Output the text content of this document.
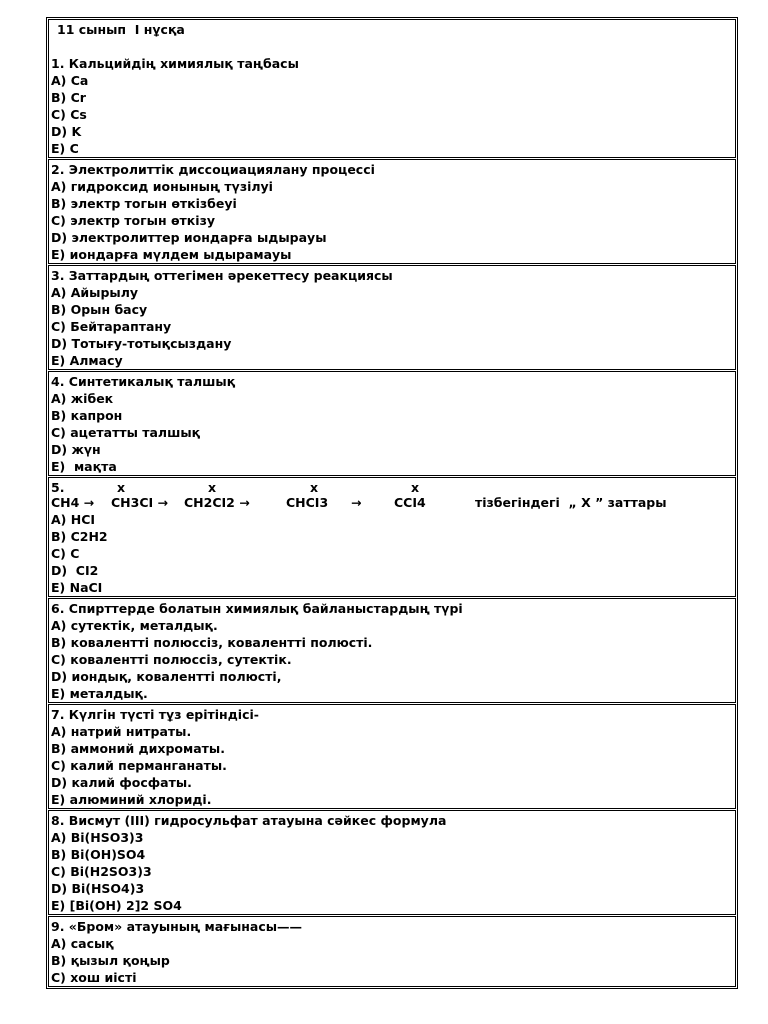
11 сынып  І нұсқа
1. Кальцийдің химиялық таңбасы
A) Ca
B) Cr
C) Cs
D) K
E) C
2. Электролиттік диссоциациялану процессі
A) гидроксид ионының түзілуі
B) электр тогын өткізбеуі
C) электр тогын өткізу
D) электролиттер иондарға ыдырауы
E) иондарға мүлдем ыдырамауы
3. Заттардың оттегімен әрекеттесу реакциясы
A) Айырылу
B) Орын басу
C) Бейтараптану
D) Тотығу-тотықсыздану
E) Алмасу
4. Синтетикалық талшық
A) жібек
B) капрон
C) ацетатты талшық
D) жүн
E)  мақта
5.	x	x	x	x
CH4 → CH3CI → CH2CI2 →	CHCI3 →	CCI4	тізбегіндегі  „ X ” заттары
A) HCI
B) C2H2
C) C
D)  CI2
E) NaCI
6. Спирттерде болатын химиялық байланыстардың түрі
A) сутектік, металдық.
B) ковалентті полюссіз, ковалентті полюсті.
C) ковалентті полюссіз, сутектік.
D) иондық, ковалентті полюсті,
E) металдық.
7. Күлгін түсті тұз ерітіндісі-
A) натрий нитраты.
B) аммоний дихроматы.
C) калий перманганаты.
D) калий фосфаты.
E) алюминий хлориді.
8. Висмут (ІІІ) гидросульфат атауына сәйкес формула
A) Bi(HSO3)3
B) Bi(OH)SO4
C) Bi(H2SO3)3
D) Bi(HSO4)3
E) [Bi(OH) 2]2 SO4
9. «Бром» атауының мағынасы——
A) сасық
B) қызыл қоңыр
C) хош иісті
